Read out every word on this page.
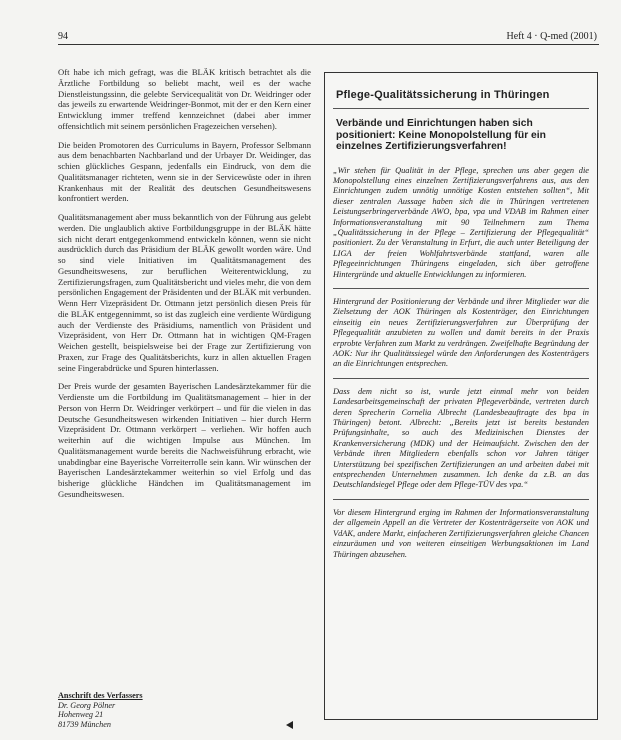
94	Heft 4 · Q-med (2001)

Oft habe ich mich gefragt, was die BLÄK kritisch betrachtet als die Ärztliche Fortbildung so beliebt macht, weil es der wache Dienstleistungssinn, die gelebte Servicequalität von Dr. Weidringer oder das jeweils zu erwartende Weidringer-Bonmot, mit der er den Kern einer Entwicklung immer treffend kennzeichnet (dabei aber immer offensichtlich mit seinem persönlichen Fragezeichen versehen).

Die beiden Promotoren des Curriculums in Bayern, Professor Selbmann aus dem benachbarten Nachbarland und der Urbayer Dr. Weidinger, das schien glückliches Gespann, jedenfalls ein Eindruck, von dem die Qualitätsmanager richteten, wenn sie in der Servicewüste oder in ihren Krankenhaus mit der Realität des deutschen Gesundheitswesens konfrontiert werden.

Qualitätsmanagement aber muss bekanntlich von der Führung aus gelebt werden. Die unglaublich aktive Fortbildungsgruppe in der BLÄK hätte sich nicht derart entgegenkommend entwickeln können, wenn sie nicht ausdrücklich durch das Präsidium der BLÄK gewollt worden wäre. Und so sind viele Initiativen im Qualitätsmanagement des Gesundheitswesens, zur beruflichen Weiterentwicklung, zu Zertifizierungsfragen, zum Qualitätsbericht und vieles mehr, die von dem persönlichen Engagement der Präsidenten und der BLÄK mit verbunden. Wenn Herr Vizepräsident Dr. Ottmann jetzt persönlich diesen Preis für die BLÄK entgegennimmt, so ist das zugleich eine verdiente Würdigung auch der Verdienste des Präsidiums, namentlich von Präsident und Vizepräsident, von Herr Dr. Ottmann hat in wichtigen QM-Fragen Weichen gestellt, beispielsweise bei der Frage zur Zertifizierung von Praxen, zur Frage des Qualitätsberichts, kurz in allen aktuellen Fragen seine Fingerabdrücke und Spuren hinterlassen.

Der Preis wurde der gesamten Bayerischen Landesärztekammer für die Verdienste um die Fortbildung im Qualitätsmanagement – hier in der Person von Herrn Dr. Weidringer verkörpert – und für die vielen in das Deutsche Gesundheitswesen wirkenden Initiativen – hier durch Herrn Vizepräsident Dr. Ottmann verkörpert – verliehen. Wir hoffen auch weiterhin auf die wichtigen Impulse aus München. Im Qualitätsmanagement wurde bereits die Nachweisführung erbracht, wie unabdingbar eine Bayerische Vorreiterrolle sein kann. Wir wünschen der Bayerischen Landesärztekammer weiterhin so viel Erfolg und das bisherige glückliche Händchen im Qualitätsmanagement im Gesundheitswesen.

Anschrift des Verfassers
Dr. Georg Pölner
Hohenweg 21
81739 München
Pflege-Qualitätssicherung in Thüringen
Verbände und Einrichtungen haben sich positioniert: Keine Monopolstellung für ein einzelnes Zertifizierungsverfahren!

„Wir stehen für Qualität in der Pflege, sprechen uns aber gegen die Monopolstellung eines einzelnen Zertifizierungsverfahrens aus, aus den Einrichtungen zudem unnötig unnötige Kosten entstehen sollten“, Mit dieser zentralen Aussage haben sich die in Thüringen vertretenen Leistungserbringerverbände AWO, bpa, vpa und VDAB im Rahmen einer Informationsveranstaltung mit 90 Teilnehmern zum Thema „Qualitätssicherung in der Pflege – Zertifizierung der Pflegequalität“ positioniert. Zu der Veranstaltung in Erfurt, die auch unter Beteiligung der LIGA der freien Wohlfahrtsverbände stattfand, waren alle Pflegeeinrichtungen Thüringens eingeladen, sich über getroffene Hintergründe und aktuelle Entwicklungen zu informieren.

Hintergrund der Positionierung der Verbände und ihrer Mitglieder war die Zielsetzung der AOK Thüringen als Kostenträger, den Einrichtungen einseitig ein neues Zertifizierungsverfahren zur Überprüfung der Pflegequalität anzubieten zu wollen und damit bereits in der Praxis erprobte Verfahren zum Markt zu verdrängen. Zweifelhafte Begründung der AOK: Nur ihr Qualitätssiegel würde den Anforderungen des Kostenträgers an die Einrichtungen entsprechen.

Dass dem nicht so ist, wurde jetzt einmal mehr von beiden Landesarbeitsgemeinschaft der privaten Pflegeverbände, vertreten durch deren Sprecherin Cornelia Albrecht (Landesbeauftragte des bpa in Thüringen) betont. Albrecht: „Bereits jetzt ist bereits bestanden Prüfungsinhalte, so auch des Medizinischen Dienstes der Krankenversicherung (MDK) und der Heimaufsicht. Zwischen den der Verbände ihren Mitgliedern ebenfalls schon vor Jahren tätiger Unterstützung bei spezifischen Zertifizierungen an und arbeiten dabei mit entsprechenden Unternehmen zusammen. Ich denke da z.B. an das Deutschlandsiegel Pflege oder dem Pflege-TÜV des vpa.“

Vor diesem Hintergrund erging im Rahmen der Informationsveranstaltung der allgemein Appell an die Vertreter der Kostenträgerseite von AOK und VdAK, andere Markt, einfacheren Zertifizierungsverfahren gleiche Chancen einzuräumen und von weiteren einseitigen Werbungsaktionen im Land Thüringen abzusehen.
